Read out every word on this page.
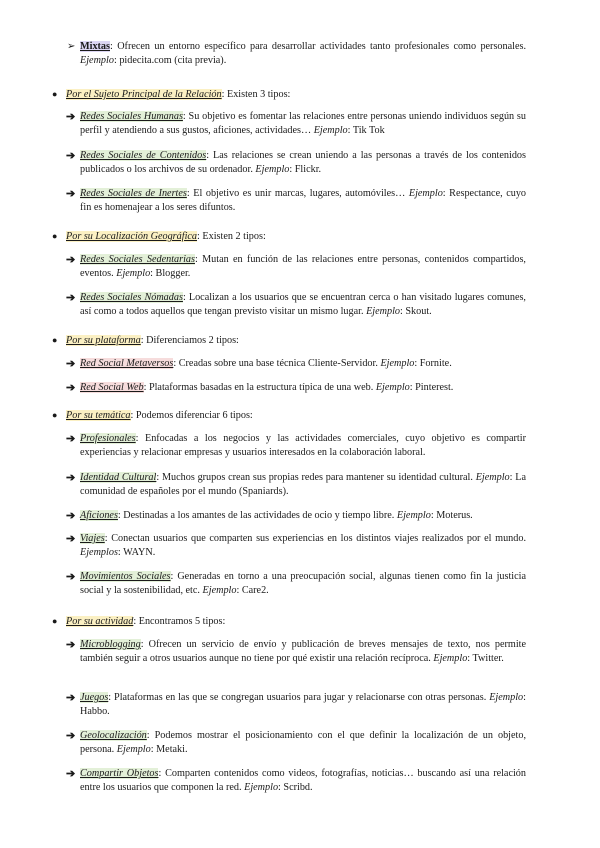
➢ Mixtas: Ofrecen un entorno específico para desarrollar actividades tanto profesionales como personales. Ejemplo: pidecita.com (cita previa).
● Por el Sujeto Principal de la Relación: Existen 3 tipos:
➔ Redes Sociales Humanas: Su objetivo es fomentar las relaciones entre personas uniendo individuos según su perfil y atendiendo a sus gustos, aficiones, actividades… Ejemplo: Tik Tok
➔ Redes Sociales de Contenidos: Las relaciones se crean uniendo a las personas a través de los contenidos publicados o los archivos de su ordenador. Ejemplo: Flickr.
➔ Redes Sociales de Inertes: El objetivo es unir marcas, lugares, automóviles… Ejemplo: Respectance, cuyo fin es homenajear a los seres difuntos.
● Por su Localización Geográfica: Existen 2 tipos:
➔ Redes Sociales Sedentarias: Mutan en función de las relaciones entre personas, contenidos compartidos, eventos. Ejemplo: Blogger.
➔ Redes Sociales Nómadas: Localizan a los usuarios que se encuentran cerca o han visitado lugares comunes, así como a todos aquellos que tengan previsto visitar un mismo lugar. Ejemplo: Skout.
● Por su plataforma: Diferenciamos 2 tipos:
➔ Red Social Metaversos: Creadas sobre una base técnica Cliente-Servidor. Ejemplo: Fornite.
➔ Red Social Web: Plataformas basadas en la estructura típica de una web. Ejemplo: Pinterest.
● Por su temática: Podemos diferenciar 6 tipos:
➔ Profesionales: Enfocadas a los negocios y las actividades comerciales, cuyo objetivo es compartir experiencias y relacionar empresas y usuarios interesados en la colaboración laboral.
➔ Identidad Cultural: Muchos grupos crean sus propias redes para mantener su identidad cultural. Ejemplo: La comunidad de españoles por el mundo (Spaniards).
➔ Aficiones: Destinadas a los amantes de las actividades de ocio y tiempo libre. Ejemplo: Moterus.
➔ Viajes: Conectan usuarios que comparten sus experiencias en los distintos viajes realizados por el mundo. Ejemplos: WAYN.
➔ Movimientos Sociales: Generadas en torno a una preocupación social, algunas tienen como fin la justicia social y la sostenibilidad, etc. Ejemplo: Care2.
● Por su actividad: Encontramos 5 tipos:
➔ Microblogging: Ofrecen un servicio de envío y publicación de breves mensajes de texto, nos permite también seguir a otros usuarios aunque no tiene por qué existir una relación recíproca. Ejemplo: Twitter.
➔ Juegos: Plataformas en las que se congregan usuarios para jugar y relacionarse con otras personas. Ejemplo: Habbo.
➔ Geolocalización: Podemos mostrar el posicionamiento con el que definir la localización de un objeto, persona. Ejemplo: Metaki.
➔ Compartir Objetos: Comparten contenidos como videos, fotografías, noticias… buscando así una relación entre los usuarios que componen la red. Ejemplo: Scribd.
